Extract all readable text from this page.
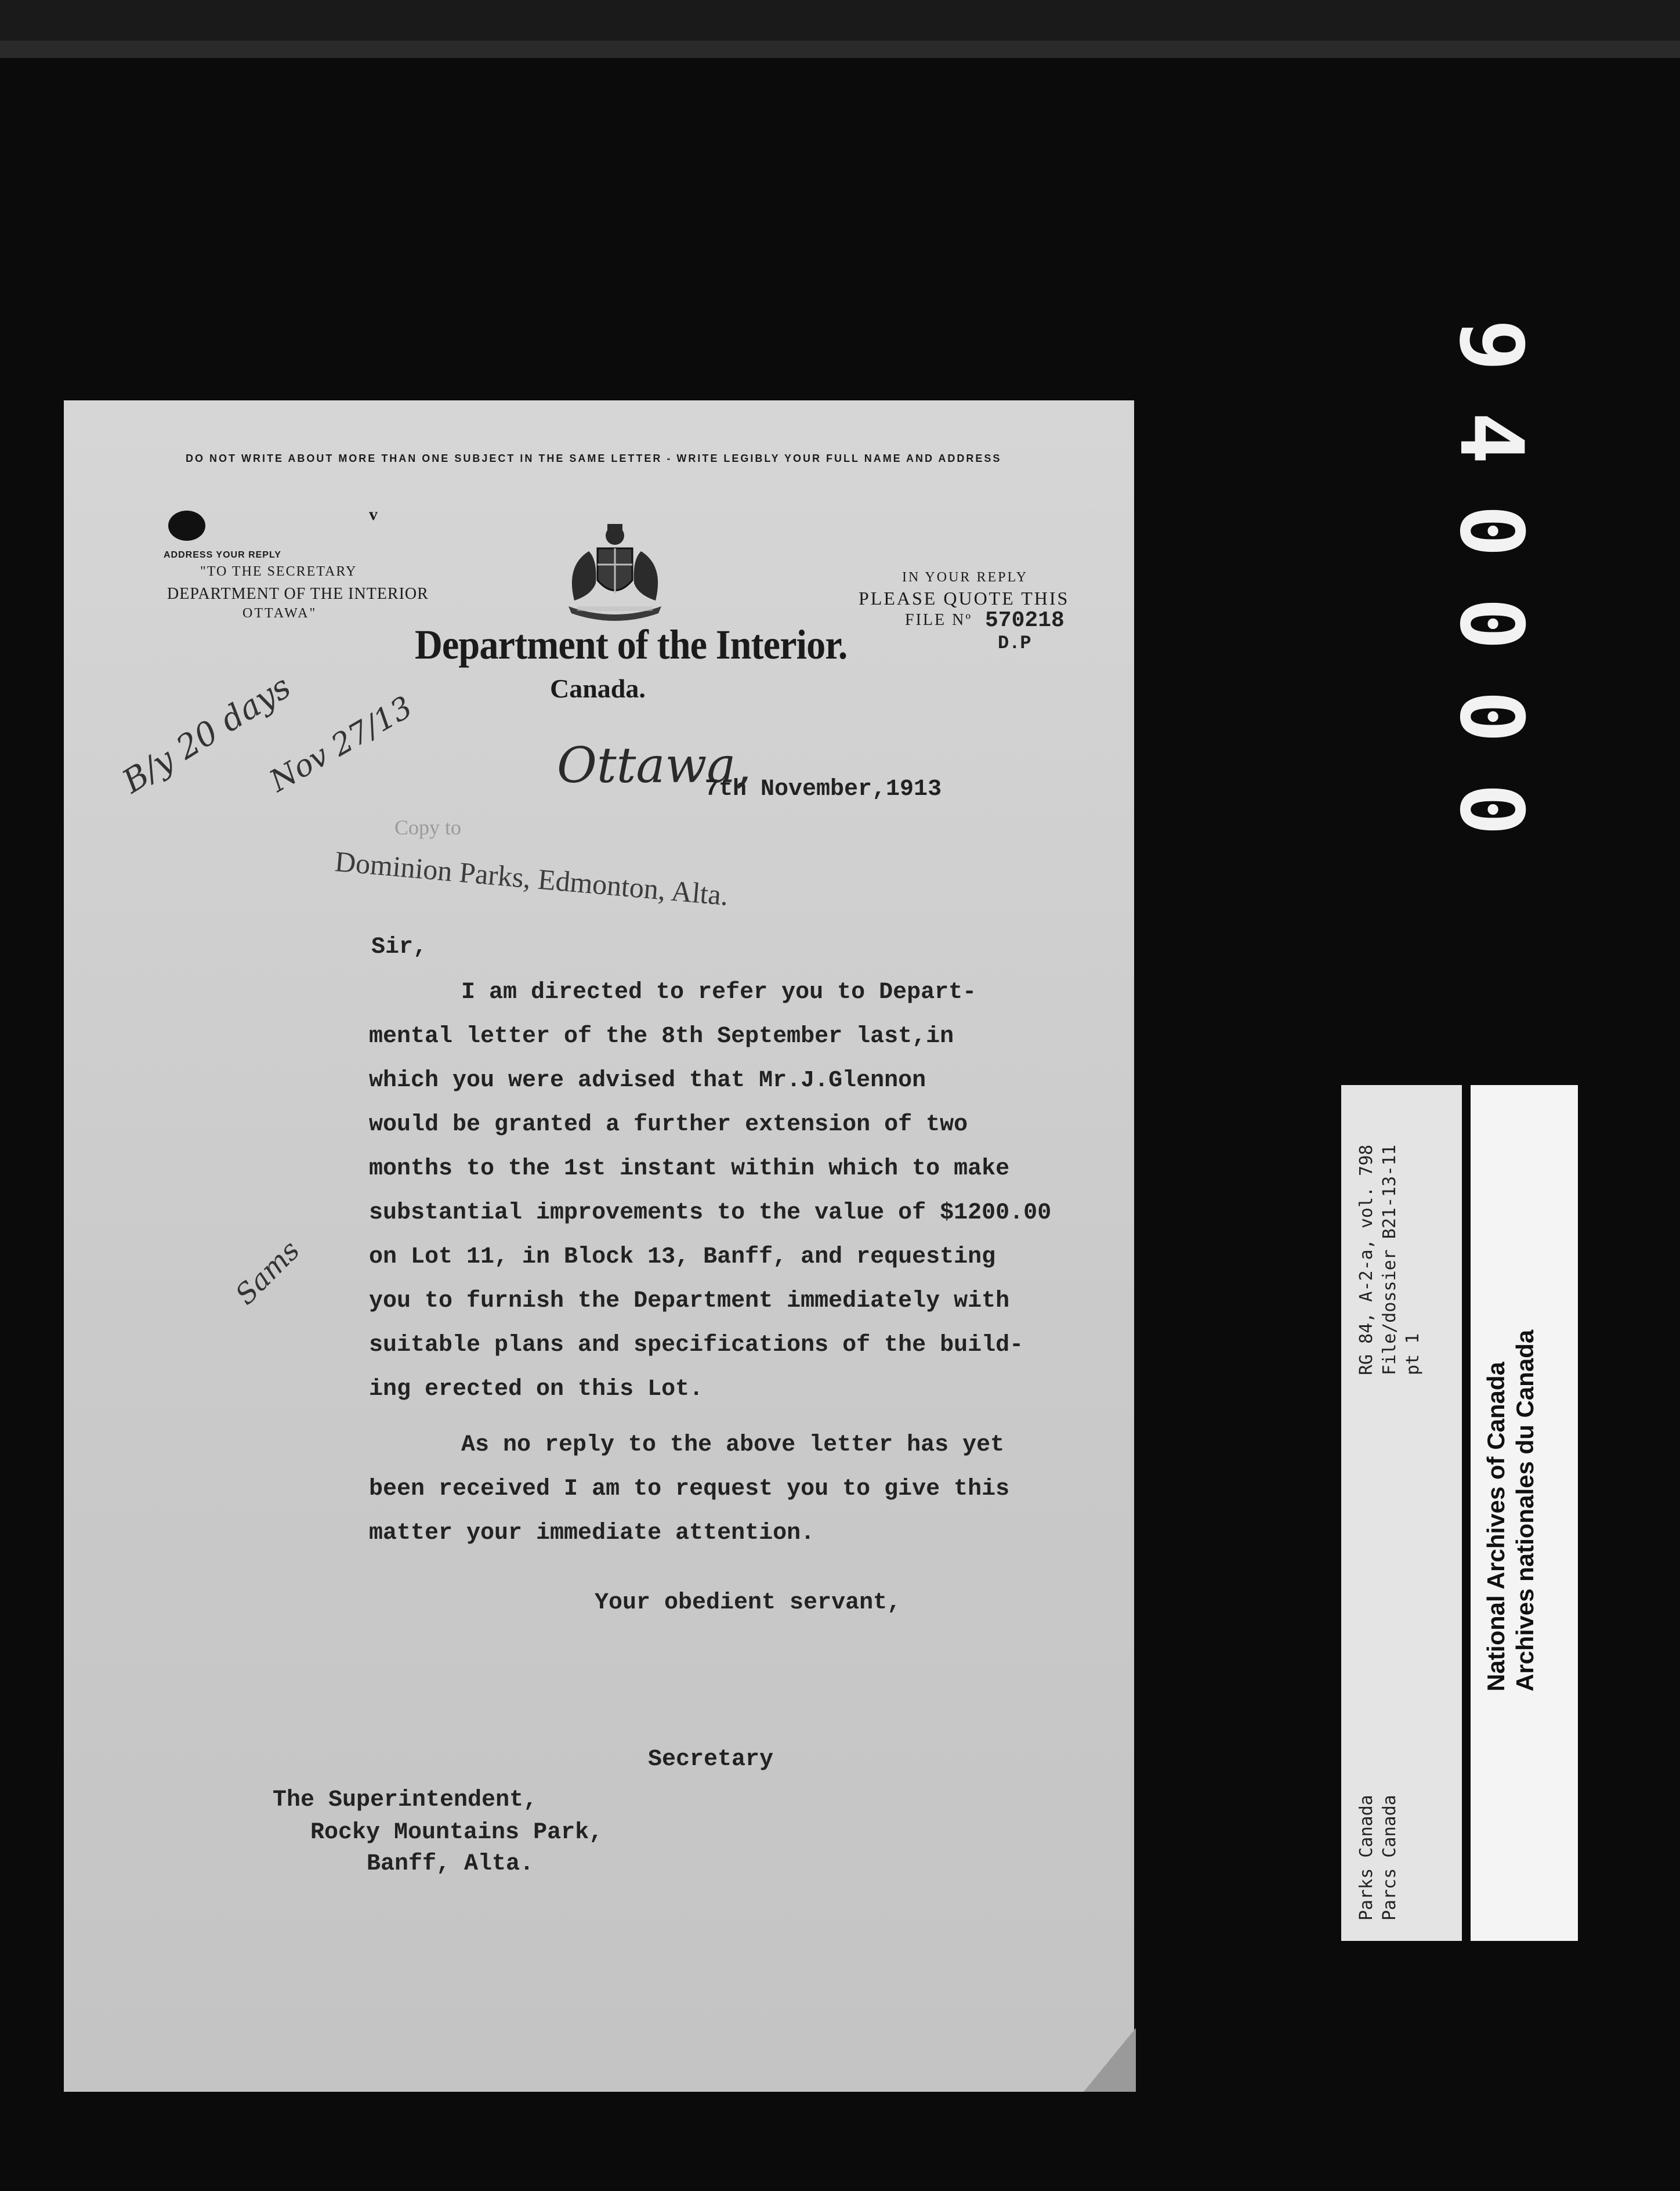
9
4
0
0
0
0
DO NOT WRITE ABOUT MORE THAN ONE SUBJECT IN THE SAME LETTER - WRITE LEGIBLY YOUR FULL NAME AND ADDRESS
ADDRESS YOUR REPLY
"TO THE SECRETARY
DEPARTMENT OF THE INTERIOR
OTTAWA"
v
IN YOUR REPLY
PLEASE QUOTE THIS
FILE Nº 570218
D.P
Department of the Interior.
Canada.
B/y 20 days
Nov 27/13
Sams
Ottawa,
7th November,1913
Copy to
Dominion Parks, Edmonton, Alta.
Sir,
I am directed to refer you to Depart-
mental letter of the 8th September last,in
which you were advised that Mr.J.Glennon
would be granted a further extension of two
months to the 1st instant within which to make
substantial improvements to the value of $1200.00
on Lot 11, in Block 13, Banff, and requesting
you to furnish the Department immediately with
suitable plans and specifications of the build-
ing erected on this Lot.
As no reply to the above letter has yet
been received I am to request you to give this
matter your immediate attention.
Your obedient servant,
Secretary
The Superintendent,
Rocky Mountains Park,
Banff, Alta.
RG 84, A-2-a, vol. 798 File/dossier B21-13-11 pt 1
Parks Canada Parcs Canada
National Archives of Canada Archives nationales du Canada
